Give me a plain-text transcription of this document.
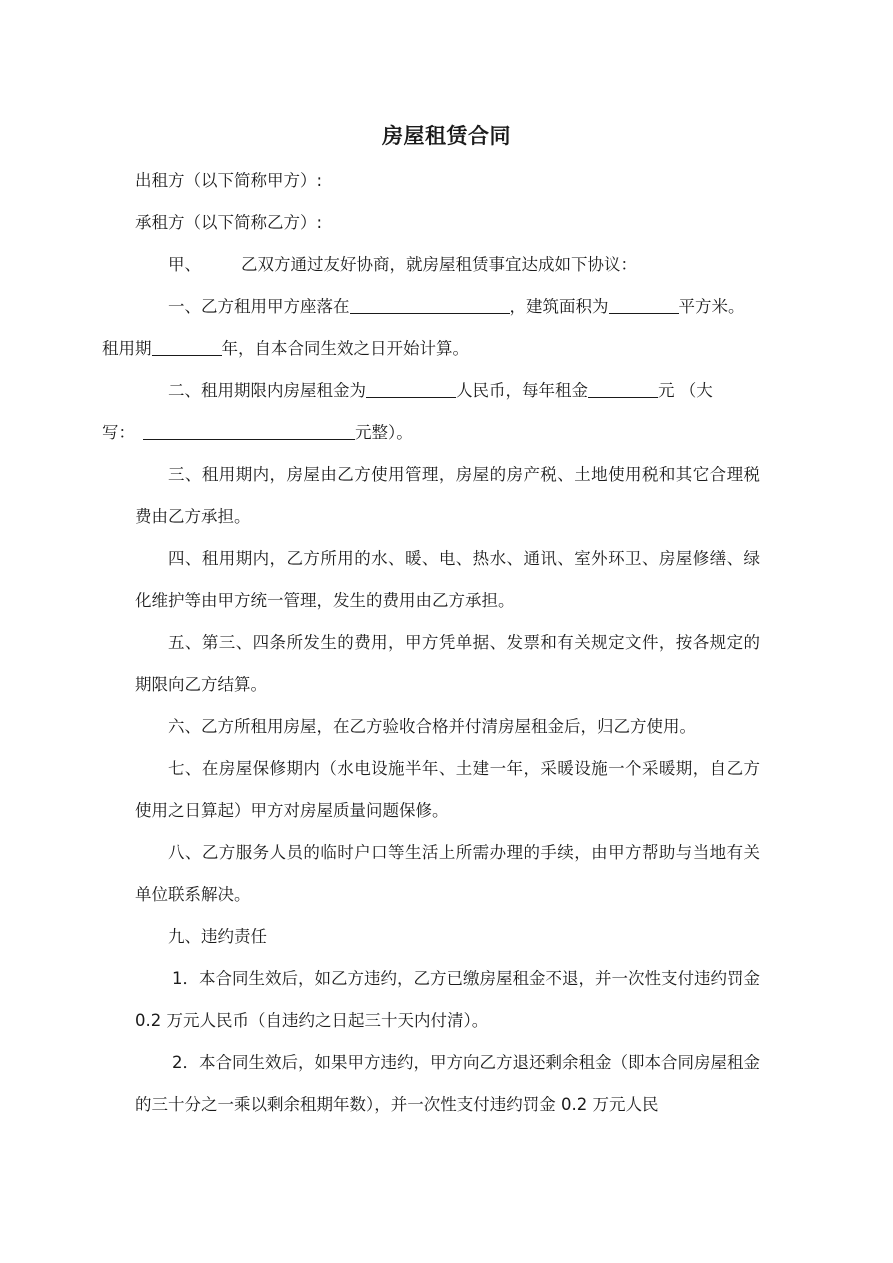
房屋租赁合同

出租方（以下简称甲方）:

承租方（以下简称乙方）:

甲、 乙双方通过友好协商，就房屋租赁事宜达成如下协议：

一、乙方租用甲方座落在	，建筑面积为	平方米。
租用期	年，自本合同生效之日开始计算。

二、租用期限内房屋租金为	人民币，每年租金	元 （大
写：	元整）。

三、租用期内，房屋由乙方使用管理，房屋的房产税、土地使用税和其它合理税费由乙方承担。

四、租用期内，乙方所用的水、暖、电、热水、通讯、室外环卫、房屋修缮、绿化维护等由甲方统一管理，发生的费用由乙方承担。

五、第三、四条所发生的费用，甲方凭单据、发票和有关规定文件，按各规定的期限向乙方结算。

六、乙方所租用房屋，在乙方验收合格并付清房屋租金后，归乙方使用。

七、在房屋保修期内（水电设施半年、土建一年，采暖设施一个采暖期，自乙方使用之日算起）甲方对房屋质量问题保修。

八、乙方服务人员的临时户口等生活上所需办理的手续，由甲方帮助与当地有关单位联系解决。

九、违约责任

1．本合同生效后，如乙方违约，乙方已缴房屋租金不退，并一次性支付违约罚金 0.2 万元人民币（自违约之日起三十天内付清）。

2．本合同生效后，如果甲方违约，甲方向乙方退还剩余租金（即本合同房屋租金的三十分之一乘以剩余租期年数），并一次性支付违约罚金 0.2 万元人民
